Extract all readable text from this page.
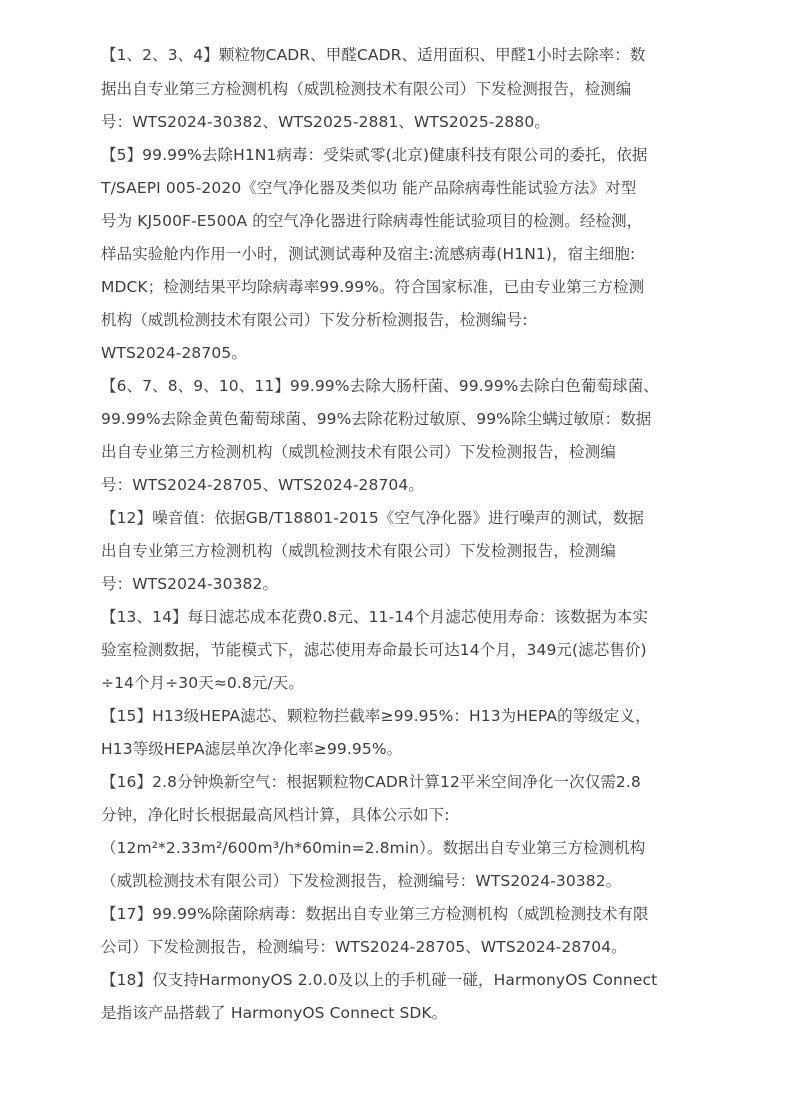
【1、2、3、4】颗粒物CADR、甲醛CADR、适用面积、甲醛1小时去除率：数
据出自专业第三方检测机构（威凯检测技术有限公司）下发检测报告，检测编
号：WTS2024-30382、WTS2025-2881、WTS2025-2880。
【5】99.99%去除H1N1病毒：受柒贰零(北京)健康科技有限公司的委托，依据
T/SAEPI 005-2020《空气净化器及类似功 能产品除病毒性能试验方法》对型
号为 KJ500F-E500A 的空气净化器进行除病毒性能试验项目的检测。经检测，
样品实验舱内作用一小时，测试测试毒种及宿主:流感病毒(H1N1)，宿主细胞:
MDCK；检测结果平均除病毒率99.99%。符合国家标准，已由专业第三方检测
机构（威凯检测技术有限公司）下发分析检测报告，检测编号:
WTS2024-28705。
【6、7、8、9、10、11】99.99%去除大肠杆菌、99.99%去除白色葡萄球菌、
99.99%去除金黄色葡萄球菌、99%去除花粉过敏原、99%除尘螨过敏原：数据
出自专业第三方检测机构（威凯检测技术有限公司）下发检测报告，检测编
号：WTS2024-28705、WTS2024-28704。
【12】噪音值：依据GB/T18801-2015《空气净化器》进行噪声的测试，数据
出自专业第三方检测机构（威凯检测技术有限公司）下发检测报告，检测编
号：WTS2024-30382。
【13、14】每日滤芯成本花费0.8元、11-14个月滤芯使用寿命：该数据为本实
验室检测数据，节能模式下，滤芯使用寿命最长可达14个月，349元(滤芯售价)
÷14个月÷30天≈0.8元/天。
【15】H13级HEPA滤芯、颗粒物拦截率≥99.95%：H13为HEPA的等级定义，
H13等级HEPA滤层单次净化率≥99.95%。
【16】2.8分钟焕新空气：根据颗粒物CADR计算12平米空间净化一次仅需2.8
分钟，净化时长根据最高风档计算，具体公示如下:
（12m²*2.33m²/600m³/h*60min=2.8min）。数据出自专业第三方检测机构
（威凯检测技术有限公司）下发检测报告，检测编号：WTS2024-30382。
【17】99.99%除菌除病毒：数据出自专业第三方检测机构（威凯检测技术有限
公司）下发检测报告，检测编号：WTS2024-28705、WTS2024-28704。
【18】仅支持HarmonyOS 2.0.0及以上的手机碰一碰，HarmonyOS Connect
是指该产品搭载了 HarmonyOS Connect SDK。
